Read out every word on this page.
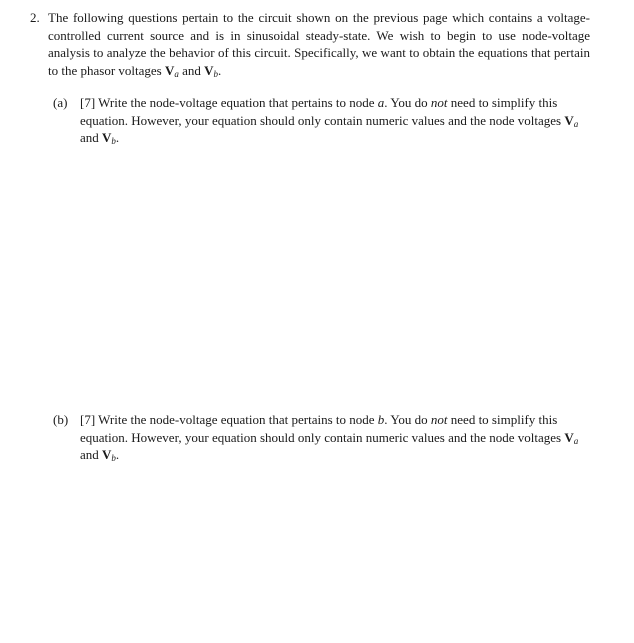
2. The following questions pertain to the circuit shown on the previous page which contains a voltage-controlled current source and is in sinusoidal steady-state. We wish to begin to use node-voltage analysis to analyze the behavior of this circuit. Specifically, we want to obtain the equations that pertain to the phasor voltages $V_a$ and $V_b$.
(a) [7] Write the node-voltage equation that pertains to node a. You do not need to simplify this equation. However, your equation should only contain numeric values and the node voltages $V_a$ and $V_b$.
(b) [7] Write the node-voltage equation that pertains to node b. You do not need to simplify this equation. However, your equation should only contain numeric values and the node voltages $V_a$ and $V_b$.
